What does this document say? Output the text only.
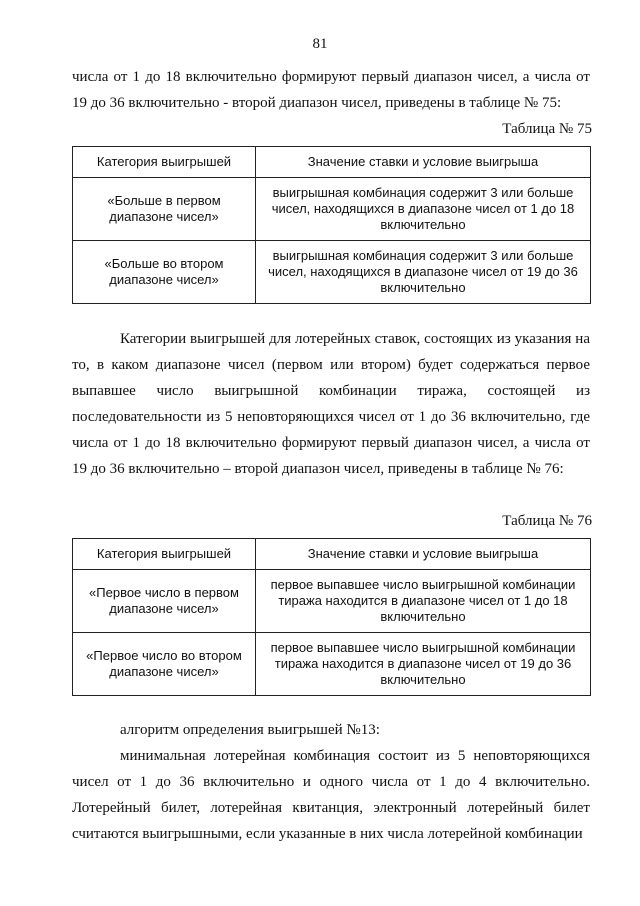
81
числа от 1 до 18 включительно формируют первый диапазон чисел, а числа от 19 до 36 включительно - второй диапазон чисел, приведены в таблице № 75:
Таблица № 75
Категория выигрышей	Значение ставки и условие выигрыша
«Больше в первом диапазоне чисел»	выигрышная комбинация содержит 3 или больше чисел, находящихся в диапазоне чисел от 1 до 18 включительно
«Больше во втором диапазоне чисел»	выигрышная комбинация содержит 3 или больше чисел, находящихся в диапазоне чисел от 19 до 36 включительно
Категории выигрышей для лотерейных ставок, состоящих из указания на то, в каком диапазоне чисел (первом или втором) будет содержаться первое выпавшее число выигрышной комбинации тиража, состоящей из последовательности из 5 неповторяющихся чисел от 1 до 36 включительно, где числа от 1 до 18 включительно формируют первый диапазон чисел, а числа от 19 до 36 включительно – второй диапазон чисел, приведены в таблице № 76:
Таблица № 76
Категория выигрышей	Значение ставки и условие выигрыша
«Первое число в первом диапазоне чисел»	первое выпавшее число выигрышной комбинации тиража находится в диапазоне чисел от 1 до 18 включительно
«Первое число во втором диапазоне чисел»	первое выпавшее число выигрышной комбинации тиража находится в диапазоне чисел от 19 до 36 включительно
алгоритм определения выигрышей №13:
минимальная лотерейная комбинация состоит из 5 неповторяющихся чисел от 1 до 36 включительно и одного числа от 1 до 4 включительно. Лотерейный билет, лотерейная квитанция, электронный лотерейный билет считаются выигрышными, если указанные в них числа лотерейной комбинации
